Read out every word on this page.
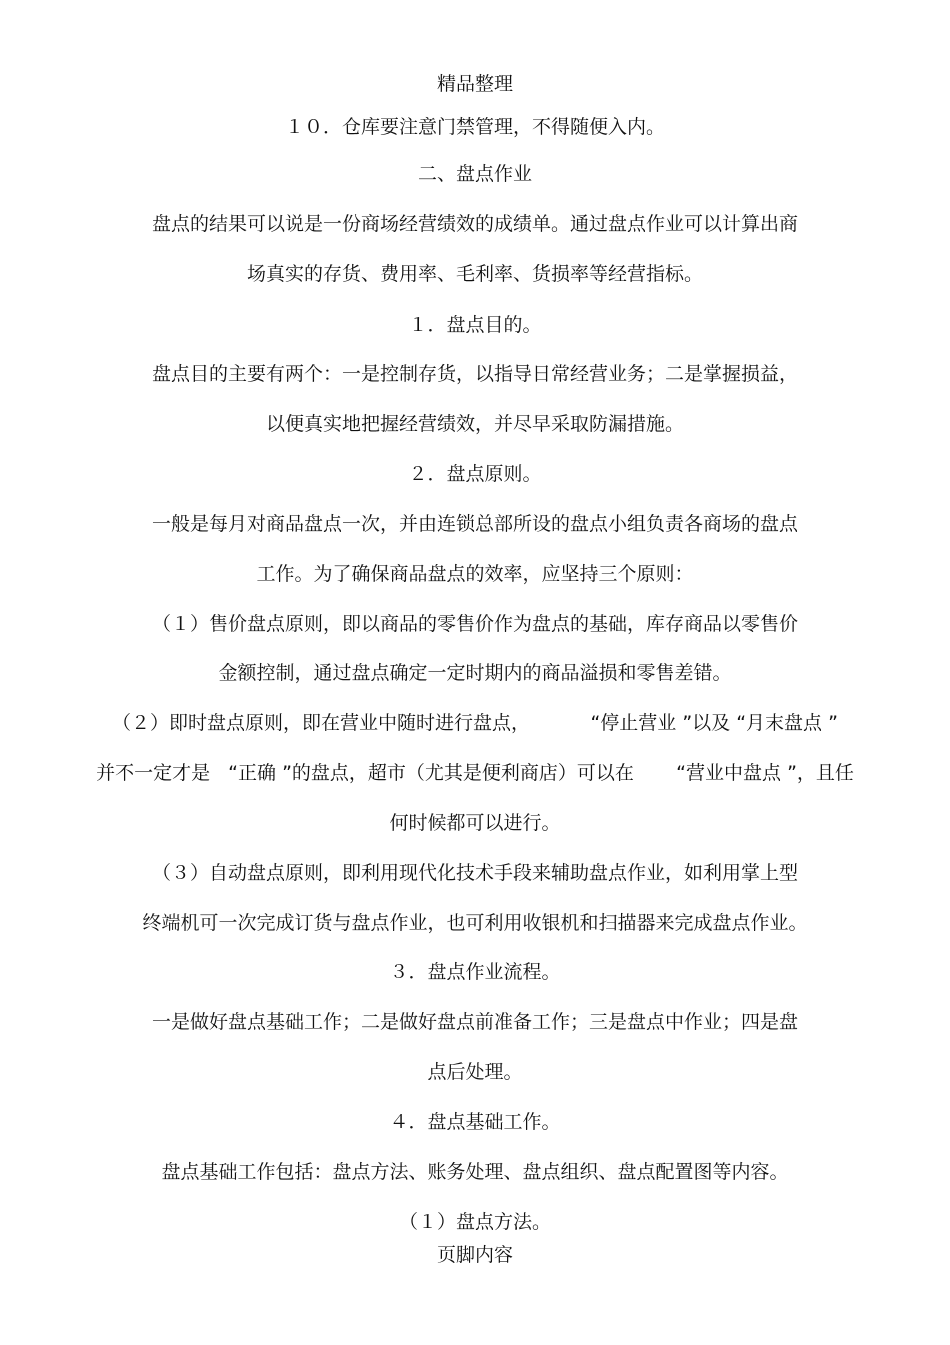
精品整理
１０．仓库要注意门禁管理，不得随便入内。
二、盘点作业
盘点的结果可以说是一份商场经营绩效的成绩单。通过盘点作业可以计算出商
场真实的存货、费用率、毛利率、货损率等经营指标。
１．盘点目的。
盘点目的主要有两个：一是控制存货，以指导日常经营业务；二是掌握损益，
以便真实地把握经营绩效，并尽早采取防漏措施。
２．盘点原则。
一般是每月对商品盘点一次，并由连锁总部所设的盘点小组负责各商场的盘点
工作。为了确保商品盘点的效率，应坚持三个原则：
（１）售价盘点原则，即以商品的零售价作为盘点的基础，库存商品以零售价
金额控制，通过盘点确定一定时期内的商品溢损和零售差错。
（２）即时盘点原则，即在营业中随时进行盘点，          “停止营业 ”以及 “月末盘点 ”
并不一定才是   “正确 ”的盘点，超市（尤其是便利商店）可以在       “营业中盘点 ”，且任
何时候都可以进行。
（３）自动盘点原则，即利用现代化技术手段来辅助盘点作业，如利用掌上型
终端机可一次完成订货与盘点作业，也可利用收银机和扫描器来完成盘点作业。
３．盘点作业流程。
一是做好盘点基础工作；二是做好盘点前准备工作；三是盘点中作业；四是盘
点后处理。
４．盘点基础工作。
盘点基础工作包括：盘点方法、账务处理、盘点组织、盘点配置图等内容。
（１）盘点方法。
页脚内容
